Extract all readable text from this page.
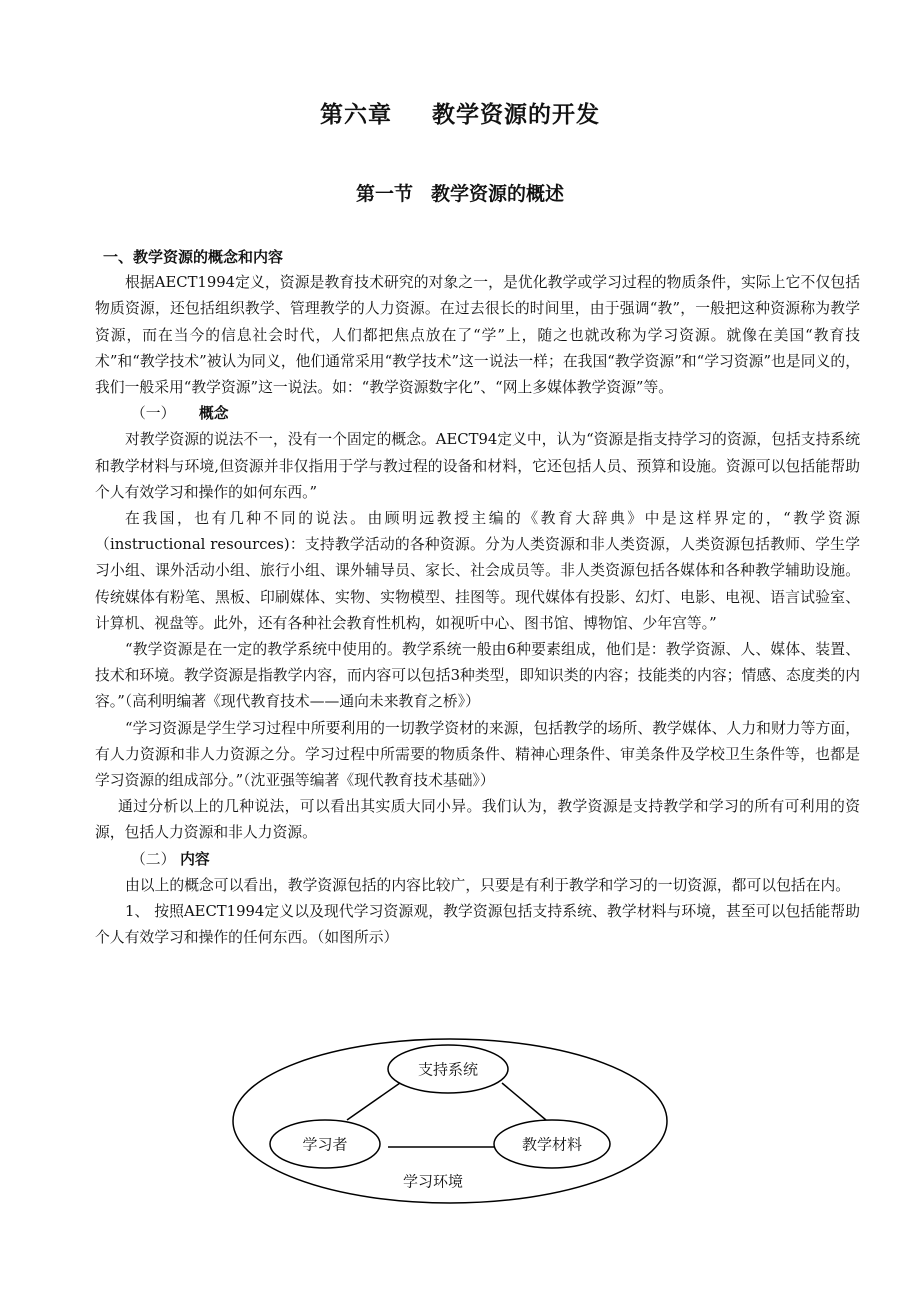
第六章 教学资源的开发
第一节 教学资源的概述
一、教学资源的概念和内容

根据AECT1994定义，资源是教育技术研究的对象之一，是优化教学或学习过程的物质条件，实际上它不仅包括物质资源，还包括组织教学、管理教学的人力资源。在过去很长的时间里，由于强调“教”，一般把这种资源称为教学资源，而在当今的信息社会时代，人们都把焦点放在了“学”上，随之也就改称为学习资源。就像在美国“教育技术”和“教学技术”被认为同义，他们通常采用“教学技术”这一说法一样；在我国“教学资源”和“学习资源”也是同义的，我们一般采用“教学资源”这一说法。如：“教学资源数字化”、“网上多媒体教学资源”等。

（一） 概念

对教学资源的说法不一，没有一个固定的概念。AECT94定义中，认为“资源是指支持学习的资源，包括支持系统和教学材料与环境,但资源并非仅指用于学与教过程的设备和材料，它还包括人员、预算和设施。资源可以包括能帮助个人有效学习和操作的如何东西。”

在我国，也有几种不同的说法。由顾明远教授主编的《教育大辞典》中是这样界定的，“教学资源（instructional resources)：支持教学活动的各种资源。分为人类资源和非人类资源，人类资源包括教师、学生学习小组、课外活动小组、旅行小组、课外辅导员、家长、社会成员等。非人类资源包括各媒体和各种教学辅助设施。传统媒体有粉笔、黑板、印刷媒体、实物、实物模型、挂图等。现代媒体有投影、幻灯、电影、电视、语言试验室、计算机、视盘等。此外，还有各种社会教育性机构，如视听中心、图书馆、博物馆、少年宫等。”

“教学资源是在一定的教学系统中使用的。教学系统一般由6种要素组成，他们是：教学资源、人、媒体、装置、技术和环境。教学资源是指教学内容，而内容可以包括3种类型，即知识类的内容；技能类的内容；情感、态度类的内容。”（高利明编著《现代教育技术——通向未来教育之桥》）

“学习资源是学生学习过程中所要利用的一切教学资材的来源，包括教学的场所、教学媒体、人力和财力等方面，有人力资源和非人力资源之分。学习过程中所需要的物质条件、精神心理条件、审美条件及学校卫生条件等，也都是学习资源的组成部分。”（沈亚强等编著《现代教育技术基础》）

通过分析以上的几种说法，可以看出其实质大同小异。我们认为，教学资源是支持教学和学习的所有可利用的资源，包括人力资源和非人力资源。

（二） 内容

由以上的概念可以看出，教学资源包括的内容比较广，只要是有利于教学和学习的一切资源，都可以包括在内。

1、 按照AECT1994定义以及现代学习资源观，教学资源包括支持系统、教学材料与环境，甚至可以包括能帮助个人有效学习和操作的任何东西。（如图所示）

支持系统
学习者	教学材料
学习环境
